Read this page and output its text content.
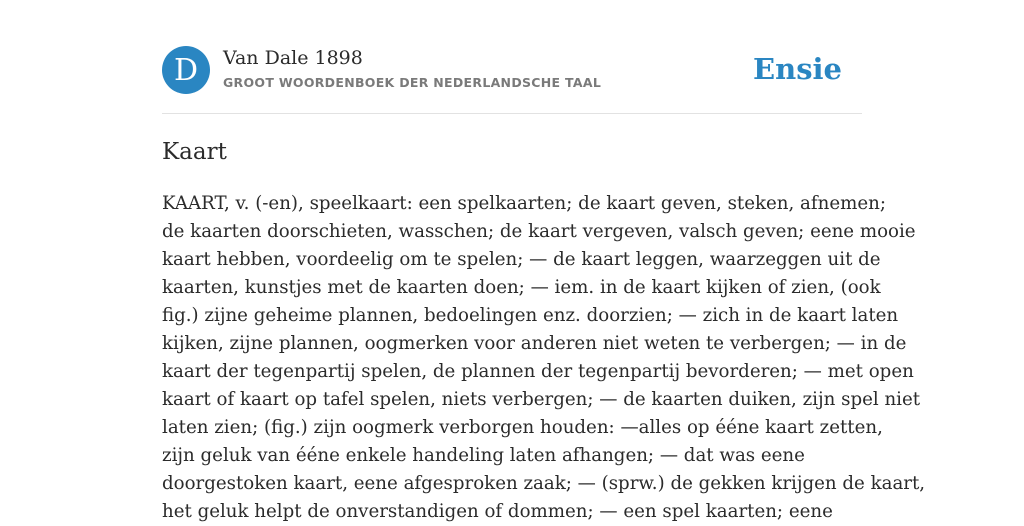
D	Van Dale 1898
GROOT WOORDENBOEK DER NEDERLANDSCHE TAAL	Ensie
Kaart
KAART, v. (-en), speelkaart: een spelkaarten; de kaart geven, steken, afnemen;
de kaarten doorschieten, wasschen; de kaart vergeven, valsch geven; eene mooie
kaart hebben, voordeelig om te spelen; — de kaart leggen, waarzeggen uit de
kaarten, kunstjes met de kaarten doen; — iem. in de kaart kijken of zien, (ook
fig.) zijne geheime plannen, bedoelingen enz. doorzien; — zich in de kaart laten
kijken, zijne plannen, oogmerken voor anderen niet weten te verbergen; — in de
kaart der tegenpartij spelen, de plannen der tegenpartij bevorderen; — met open
kaart of kaart op tafel spelen, niets verbergen; — de kaarten duiken, zijn spel niet
laten zien; (fig.) zijn oogmerk verborgen houden: —alles op ééne kaart zetten,
zijn geluk van ééne enkele handeling laten afhangen; — dat was eene
doorgestoken kaart, eene afgesproken zaak; — (sprw.) de gekken krijgen de kaart,
het geluk helpt de onverstandigen of dommen; — een spel kaarten; eene
